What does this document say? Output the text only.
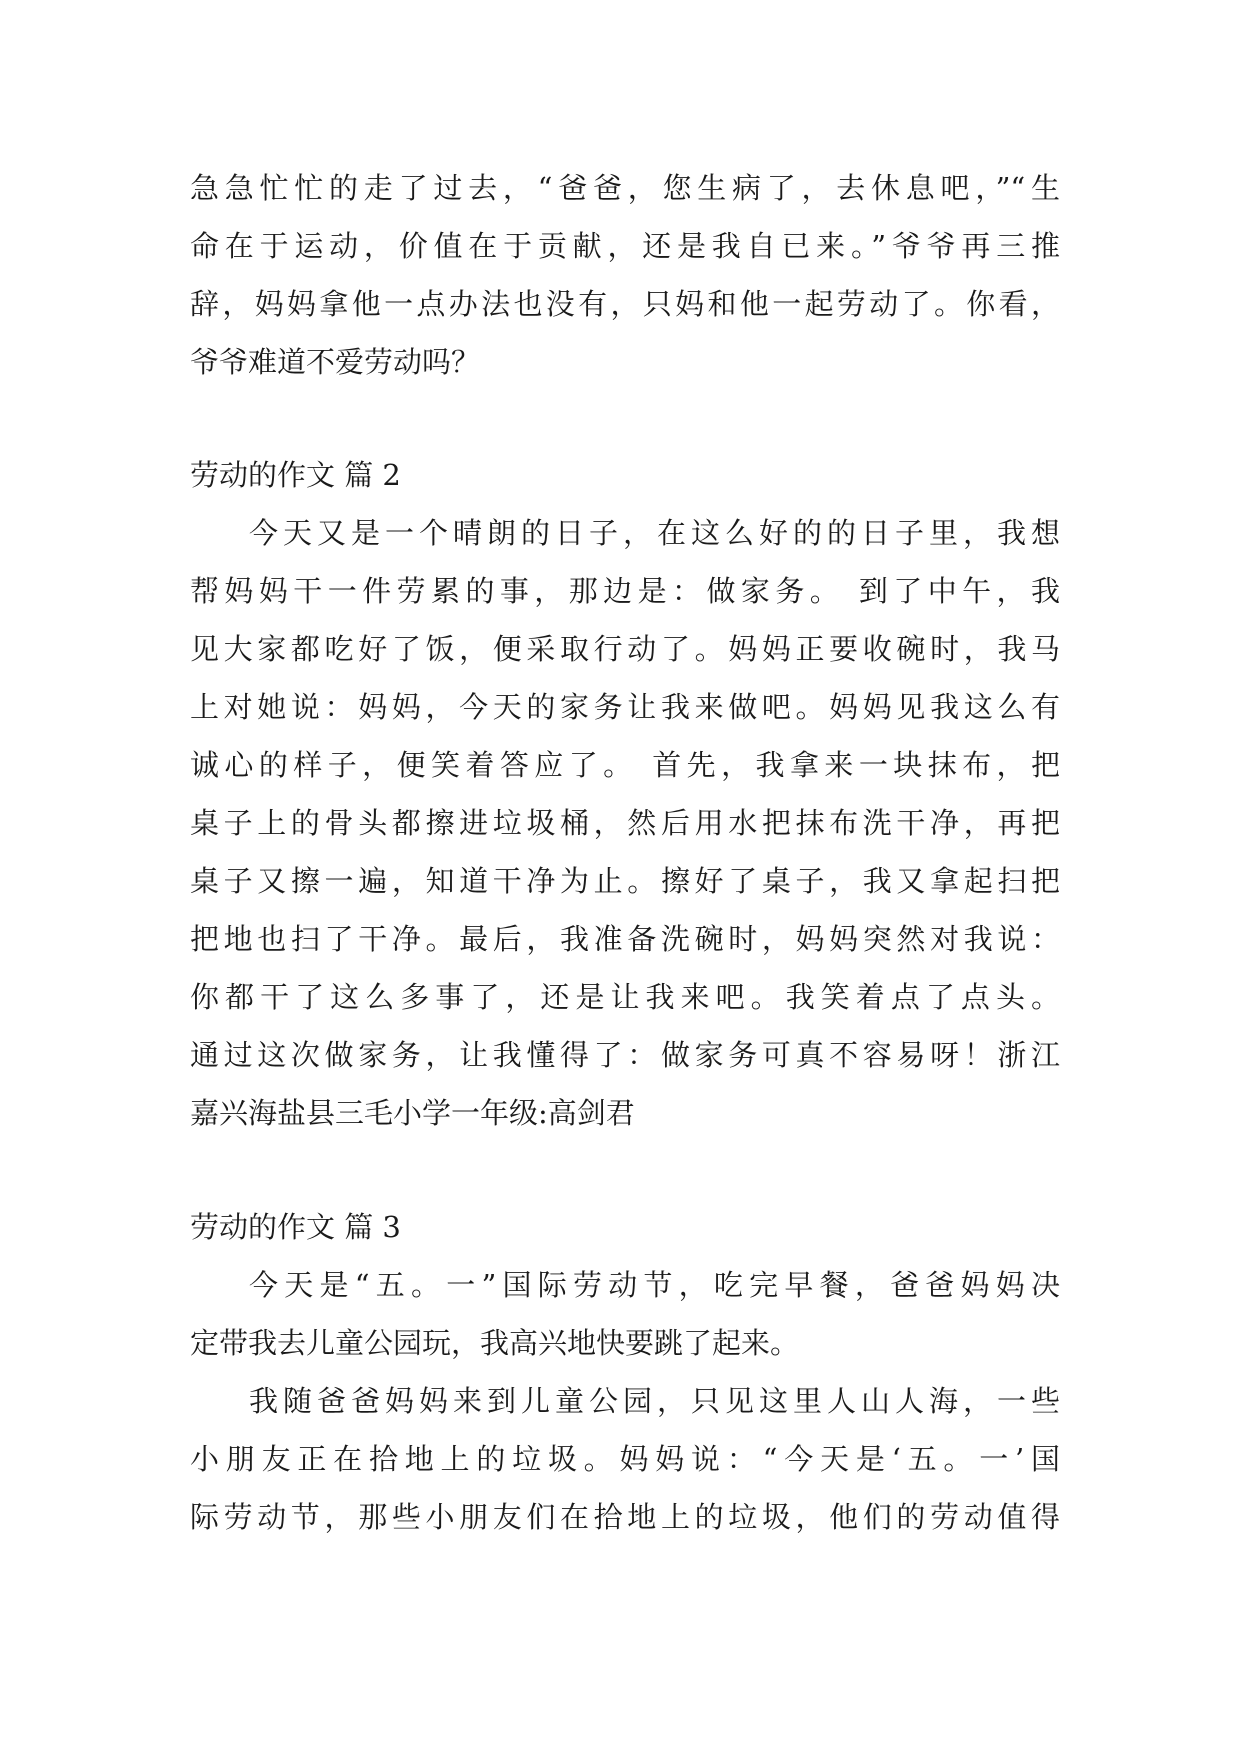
急急忙忙的走了过去，“爸爸，您生病了，去休息吧，”“生
命在于运动，价值在于贡献，还是我自已来。”爷爷再三推
辞，妈妈拿他一点办法也没有，只妈和他一起劳动了。你看，
爷爷难道不爱劳动吗？
劳动的作文 篇 2
今天又是一个晴朗的日子，在这么好的的日子里，我想
帮妈妈干一件劳累的事，那边是：做家务。 到了中午，我
见大家都吃好了饭，便采取行动了。妈妈正要收碗时，我马
上对她说：妈妈，今天的家务让我来做吧。妈妈见我这么有
诚心的样子，便笑着答应了。 首先，我拿来一块抹布，把
桌子上的骨头都擦进垃圾桶，然后用水把抹布洗干净，再把
桌子又擦一遍，知道干净为止。擦好了桌子，我又拿起扫把
把地也扫了干净。最后，我准备洗碗时，妈妈突然对我说：
你都干了这么多事了，还是让我来吧。我笑着点了点头。
通过这次做家务，让我懂得了：做家务可真不容易呀！浙江
嘉兴海盐县三毛小学一年级:高剑君
劳动的作文 篇 3
今天是“五。一”国际劳动节，吃完早餐，爸爸妈妈决
定带我去儿童公园玩，我高兴地快要跳了起来。
我随爸爸妈妈来到儿童公园，只见这里人山人海，一些
小朋友正在拾地上的垃圾。妈妈说：“今天是‘五。一’国
际劳动节，那些小朋友们在拾地上的垃圾，他们的劳动值得
